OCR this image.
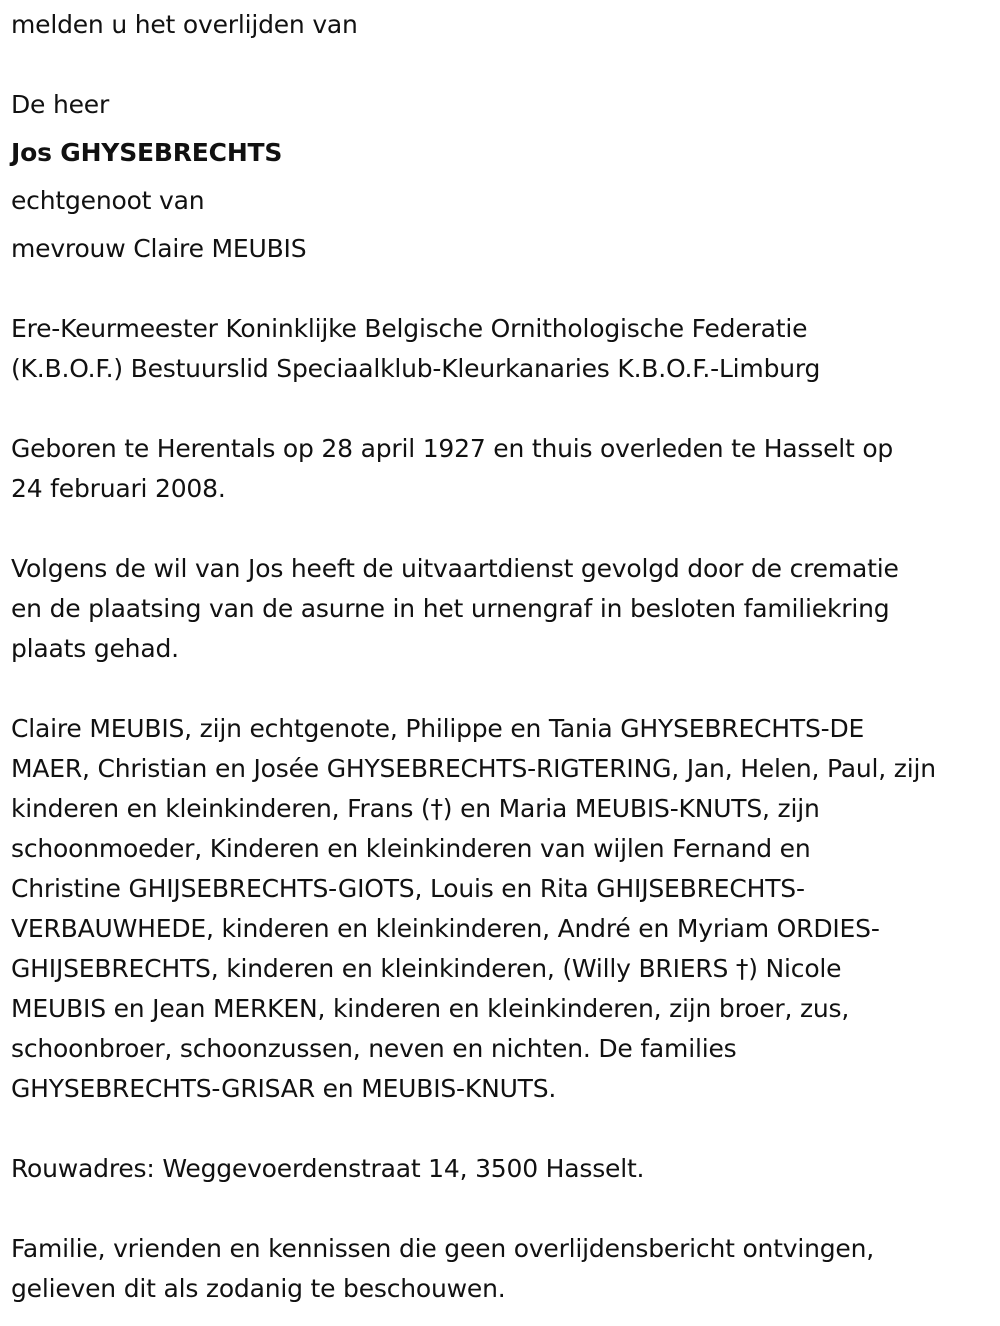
melden u het overlijden van

De heer

Jos GHYSEBRECHTS

echtgenoot van

mevrouw Claire MEUBIS

Ere-Keurmeester Koninklijke Belgische Ornithologische Federatie

(K.B.O.F.) Bestuurslid Speciaalklub-Kleurkanaries K.B.O.F.-Limburg

Geboren te Herentals op 28 april 1927 en thuis overleden te Hasselt op

24 februari 2008.

Volgens de wil van Jos heeft de uitvaartdienst gevolgd door de crematie

en de plaatsing van de asurne in het urnengraf in besloten familiekring

plaats gehad.

Claire MEUBIS, zijn echtgenote, Philippe en Tania GHYSEBRECHTS-DE

MAER, Christian en Josée GHYSEBRECHTS-RIGTERING, Jan, Helen, Paul, zijn

kinderen en kleinkinderen, Frans (†) en Maria MEUBIS-KNUTS, zijn

schoonmoeder, Kinderen en kleinkinderen van wijlen Fernand en

Christine GHIJSEBRECHTS-GIOTS, Louis en Rita GHIJSEBRECHTS-

VERBAUWHEDE, kinderen en kleinkinderen, André en Myriam ORDIES-

GHIJSEBRECHTS, kinderen en kleinkinderen, (Willy BRIERS †) Nicole

MEUBIS en Jean MERKEN, kinderen en kleinkinderen, zijn broer, zus,

schoonbroer, schoonzussen, neven en nichten. De families

GHYSEBRECHTS-GRISAR en MEUBIS-KNUTS.

Rouwadres: Weggevoerdenstraat 14, 3500 Hasselt.

Familie, vrienden en kennissen die geen overlijdensbericht ontvingen,

gelieven dit als zodanig te beschouwen.
